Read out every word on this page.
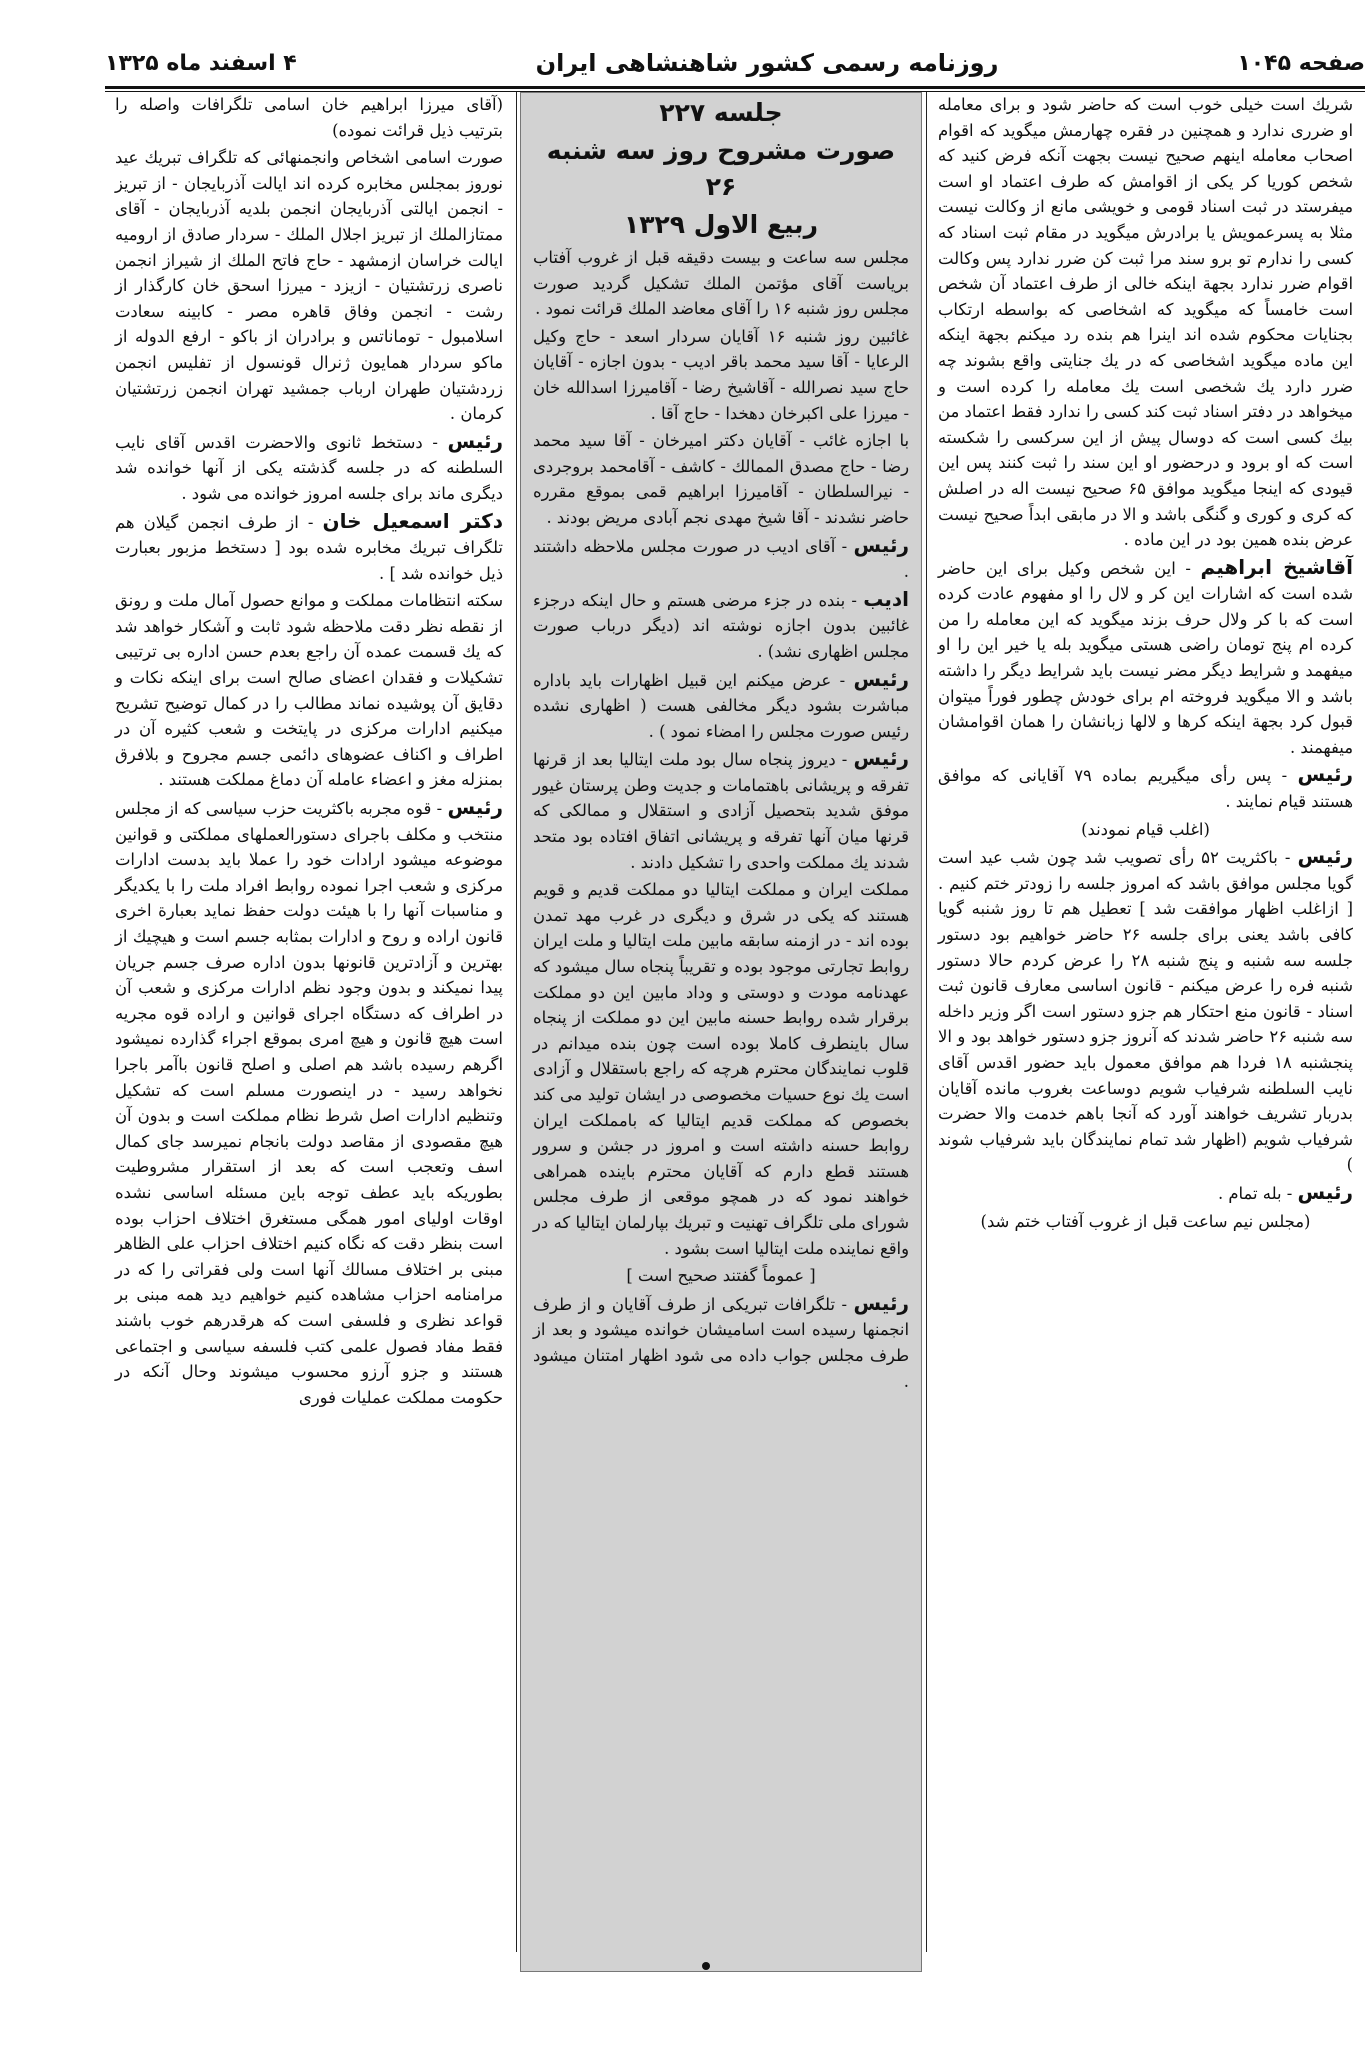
صفحه ۱۰۴۵
روزنامه رسمی کشور شاهنشاهی ایران
۴ اسفند ماه ۱۳۲۵

شریك است خیلی خوب است که حاضر شود و برای معامله او ضرری ندارد و همچنین در فقره چهارمش میگوید که اقوام اصحاب معامله اینهم صحیح نیست بجهت آنکه فرض کنید که شخص کوریا کر یکی از اقوامش که طرف اعتماد او است میفرستد در ثبت اسناد قومی و خویشی مانع از وکالت نیست مثلا به پسرعمویش یا برادرش میگوید در مقام ثبت اسناد که کسی را ندارم تو برو سند مرا ثبت کن ضرر ندارد پس وکالت اقوام ضرر ندارد بجهة اینکه خالی از طرف اعتماد آن شخص است خامساً که میگوید که اشخاصی که بواسطه ارتکاب بجنایات محکوم شده اند اینرا هم بنده رد میکنم بجهة اینکه این ماده میگوید اشخاصی که در یك جنایتی واقع بشوند چه ضرر دارد یك شخصی است یك معامله را کرده است و میخواهد در دفتر اسناد ثبت کند کسی را ندارد فقط اعتماد من بیك کسی است که دوسال پیش از این سرکسی را شکسته است که او برود و درحضور او این سند را ثبت کنند پس این قیودی که اینجا میگوید موافق ۶۵ صحیح نیست اله در اصلش که کری و کوری و گنگی باشد و الا در مابقی ابداً صحیح نیست عرض بنده همین بود در این ماده .

آقاشیخ ابراهیم - این شخص وکیل برای این حاضر شده است که اشارات این کر و لال را او مفهوم عادت کرده است که با کر ولال حرف بزند میگوید که این معامله را من کرده ام پنج تومان راضی هستی میگوید بله یا خیر این را او میفهمد و شرایط دیگر مضر نیست باید شرایط دیگر را داشته باشد و الا میگوید فروخته ام برای خودش چطور فوراً میتوان قبول کرد بجهة اینکه کرها و لالها زبانشان را همان اقوامشان میفهمند .

رئیس - پس رأی میگیریم بماده ۷۹ آقایانی که موافق هستند قیام نمایند .

(اغلب قیام نمودند)

رئیس - باکثریت ۵۲ رأی تصویب شد چون شب عید است گویا مجلس موافق باشد که امروز جلسه را زودتر ختم کنیم . [ ازاغلب اظهار موافقت شد ] تعطیل هم تا روز شنبه گویا کافی باشد یعنی برای جلسه ۲۶ حاضر خواهیم بود دستور جلسه سه شنبه و پنج شنبه ۲۸ را عرض کردم حالا دستور شنبه فره را عرض میکنم - قانون اساسی معارف قانون ثبت اسناد - قانون منع احتکار هم جزو دستور است اگر وزیر داخله سه شنبه ۲۶ حاضر شدند که آنروز جزو دستور خواهد بود و الا پنجشنبه ۱۸ فردا هم موافق معمول باید حضور اقدس آقای نایب السلطنه شرفیاب شویم دوساعت بغروب مانده آقایان بدربار تشریف خواهند آورد که آنجا باهم خدمت والا حضرت شرفیاب شویم (اظهار شد تمام نمایندگان باید شرفیاب شوند )

رئیس - بله تمام .

(مجلس نیم ساعت قبل از غروب آفتاب ختم شد)

جلسه ۲۲۷
صورت مشروح روز سه شنبه ۲۶
ربیع الاول ۱۳۲۹

مجلس سه ساعت و بیست دقیقه قبل از غروب آفتاب بریاست آقای مؤتمن الملك تشکیل گردید صورت مجلس روز شنبه ۱۶ را آقای معاضد الملك قرائت نمود .

غائبین روز شنبه ۱۶ آقایان سردار اسعد - حاج وکیل الرعایا - آقا سید محمد باقر ادیب - بدون اجازه - آقایان حاج سید نصرالله - آقاشیخ رضا - آقامیرزا اسدالله خان - میرزا علی اکبرخان دهخدا - حاج آقا .

با اجازه غائب - آقایان دکتر امیرخان - آقا سید محمد رضا - حاج مصدق الممالك - کاشف - آقامحمد بروجردی - نیرالسلطان - آقامیرزا ابراهیم قمی بموقع مقرره حاضر نشدند - آقا شیخ مهدی نجم آبادی مریض بودند .

رئیس - آقای ادیب در صورت مجلس ملاحظه داشتند .

ادیب - بنده در جزء مرضی هستم و حال اینکه درجزء غائبین بدون اجازه نوشته اند (دیگر درباب صورت مجلس اظهاری نشد) .

رئیس - عرض میکنم این قبیل اظهارات باید باداره مباشرت بشود دیگر مخالفی هست ( اظهاری نشده رئیس صورت مجلس را امضاء نمود ) .

رئیس - دیروز پنجاه سال بود ملت ایتالیا بعد از قرنها تفرقه و پریشانی باهتمامات و جدیت وطن پرستان غیور موفق شدید بتحصیل آزادی و استقلال و ممالکی که قرنها میان آنها تفرقه و پریشانی اتفاق افتاده بود متحد شدند یك مملکت واحدی را تشکیل دادند .

مملکت ایران و مملکت ایتالیا دو مملکت قدیم و قویم هستند که یکی در شرق و دیگری در غرب مهد تمدن بوده اند - در ازمنه سابقه مابین ملت ایتالیا و ملت ایران روابط تجارتی موجود بوده و تقریباً پنجاه سال میشود که عهدنامه مودت و دوستی و وداد مابین این دو مملکت برقرار شده روابط حسنه مابین این دو مملکت از پنجاه سال باینطرف کاملا بوده است چون بنده میدانم در قلوب نمایندگان محترم هرچه که راجع باستقلال و آزادی است یك نوع حسیات مخصوصی در ایشان تولید می کند بخصوص که مملکت قدیم ایتالیا که بامملکت ایران روابط حسنه داشته است و امروز در جشن و سرور هستند قطع دارم که آقایان محترم باینده همراهی خواهند نمود که در همچو موقعی از طرف مجلس شورای ملی تلگراف تهنیت و تبریك بپارلمان ایتالیا که در واقع نماینده ملت ایتالیا است بشود .

[ عموماً گفتند صحیح است ]

رئیس - تلگرافات تبریکی از طرف آقایان و از طرف انجمنها رسیده است اسامیشان خوانده میشود و بعد از طرف مجلس جواب داده می شود اظهار امتنان میشود .

(آقای میرزا ابراهیم خان اسامی تلگرافات واصله را بترتیب ذیل قرائت نموده)

صورت اسامی اشخاص وانجمنهائی که تلگراف تبریك عید نوروز بمجلس مخابره کرده اند ایالت آذربایجان - از تبریز - انجمن ایالتی آذربایجان انجمن بلدیه آذربایجان - آقای ممتازالملك از تبریز اجلال الملك - سردار صادق از ارومیه ایالت خراسان ازمشهد - حاج فاتح الملك از شیراز انجمن ناصری زرتشتیان - ازیزد - میرزا اسحق خان کارگذار از رشت - انجمن وفاق قاهره مصر - کابینه سعادت اسلامبول - توماناتس و برادران از باکو - ارفع الدوله از ماکو سردار همایون ژنرال قونسول از تفلیس انجمن زردشتیان طهران ارباب جمشید تهران انجمن زرتشتیان کرمان .

رئیس - دستخط ثانوی والاحضرت اقدس آقای نایب السلطنه که در جلسه گذشته یکی از آنها خوانده شد دیگری ماند برای جلسه امروز خوانده می شود .

دکتر اسمعیل خان - از طرف انجمن گیلان هم تلگراف تبریك مخابره شده بود [ دستخط مزبور بعبارت ذیل خوانده شد ] .

سکته انتظامات مملکت و موانع حصول آمال ملت و رونق از نقطه نظر دقت ملاحظه شود ثابت و آشکار خواهد شد که یك قسمت عمده آن راجع بعدم حسن اداره بی ترتیبی تشکیلات و فقدان اعضای صالح است برای اینکه نکات و دقایق آن پوشیده نماند مطالب را در کمال توضیح تشریح میکنیم ادارات مرکزی در پایتخت و شعب کثیره آن در اطراف و اکناف عضوهای دائمی جسم مجروح و بلافرق بمنزله مغز و اعضاء عامله آن دماغ مملکت هستند .

رئیس - قوه مجربه باکثریت حزب سیاسی که از مجلس منتخب و مکلف باجرای دستورالعملهای مملکتی و قوانین موضوعه میشود ارادات خود را عملا باید بدست ادارات مرکزی و شعب اجرا نموده روابط افراد ملت را با یکدیگر و مناسبات آنها را با هیئت دولت حفظ نماید بعبارة اخری قانون اراده و روح و ادارات بمثابه جسم است و هیچیك از بهترین و آزادترین قانونها بدون اداره صرف جسم جریان پیدا نمیکند و بدون وجود نظم ادارات مرکزی و شعب آن در اطراف که دستگاه اجرای قوانین و اراده قوه مجریه است هیچ قانون و هیچ امری بموقع اجراء گذارده نمیشود اگرهم رسیده باشد هم اصلی و اصلح قانون باآمر باجرا نخواهد رسید - در اینصورت مسلم است که تشکیل وتنظیم ادارات اصل شرط نظام مملکت است و بدون آن هیچ مقصودی از مقاصد دولت بانجام نمیرسد جای کمال اسف وتعجب است که بعد از استقرار مشروطیت بطوریکه باید عطف توجه باین مسئله اساسی نشده اوقات اولیای امور همگی مستغرق اختلاف احزاب بوده است بنظر دقت که نگاه کنیم اختلاف احزاب علی الظاهر مبنی بر اختلاف مسالك آنها است ولی فقراتی را که در مرامنامه احزاب مشاهده کنیم خواهیم دید همه مبنی بر قواعد نظری و فلسفی است که هرقدرهم خوب باشند فقط مفاد فصول علمی کتب فلسفه سیاسی و اجتماعی هستند و جزو آرزو محسوب میشوند وحال آنکه در حکومت مملکت عملیات فوری
